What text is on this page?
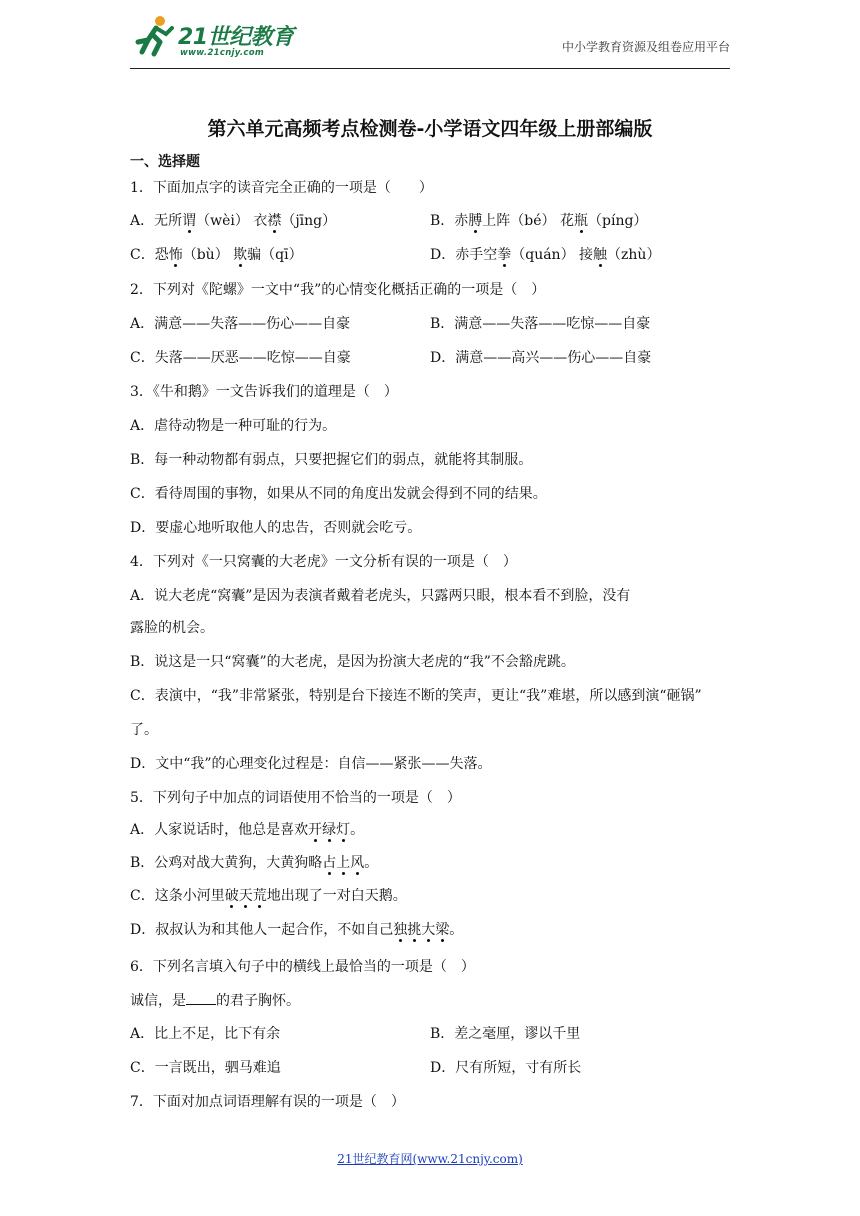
21世纪教育
www.21cnjy.com	中小学教育资源及组卷应用平台
第六单元高频考点检测卷-小学语文四年级上册部编版
一、选择题
1．下面加点字的读音完全正确的一项是（　　）
A．无所谓（wèi） 衣襟（jīng）	B．赤膊上阵（bé） 花瓶（píng）
C．恐怖（bù） 欺骗（qī）	D．赤手空拳（quán） 接触（zhù）
2．下列对《陀螺》一文中“我”的心情变化概括正确的一项是（　）
A．满意——失落——伤心——自豪	B．满意——失落——吃惊——自豪
C．失落——厌恶——吃惊——自豪	D．满意——高兴——伤心——自豪
3．《牛和鹅》一文告诉我们的道理是（　）
A．虐待动物是一种可耻的行为。
B．每一种动物都有弱点，只要把握它们的弱点，就能将其制服。
C．看待周围的事物，如果从不同的角度出发就会得到不同的结果。
D．要虚心地听取他人的忠告，否则就会吃亏。
4．下列对《一只窝囊的大老虎》一文分析有误的一项是（　）
A．说大老虎“窝囊”是因为表演者戴着老虎头，只露两只眼，根本看不到脸，没有
露脸的机会。
B．说这是一只“窝囊”的大老虎，是因为扮演大老虎的“我”不会豁虎跳。
C．表演中，“我”非常紧张，特别是台下接连不断的笑声，更让“我”难堪，所以感到演“砸锅”
了。
D．文中“我”的心理变化过程是：自信——紧张——失落。
5．下列句子中加点的词语使用不恰当的一项是（　）
A．人家说话时，他总是喜欢开绿灯。
B．公鸡对战大黄狗，大黄狗略占上风。
C．这条小河里破天荒地出现了一对白天鹅。
D．叔叔认为和其他人一起合作，不如自己独挑大梁。
6．下列名言填入句子中的横线上最恰当的一项是（　）
诚信，是 的君子胸怀。
A．比上不足，比下有余	B．差之毫厘，谬以千里
C．一言既出，驷马难追	D．尺有所短，寸有所长
7．下面对加点词语理解有误的一项是（　）
21世纪教育网(www.21cnjy.com)
